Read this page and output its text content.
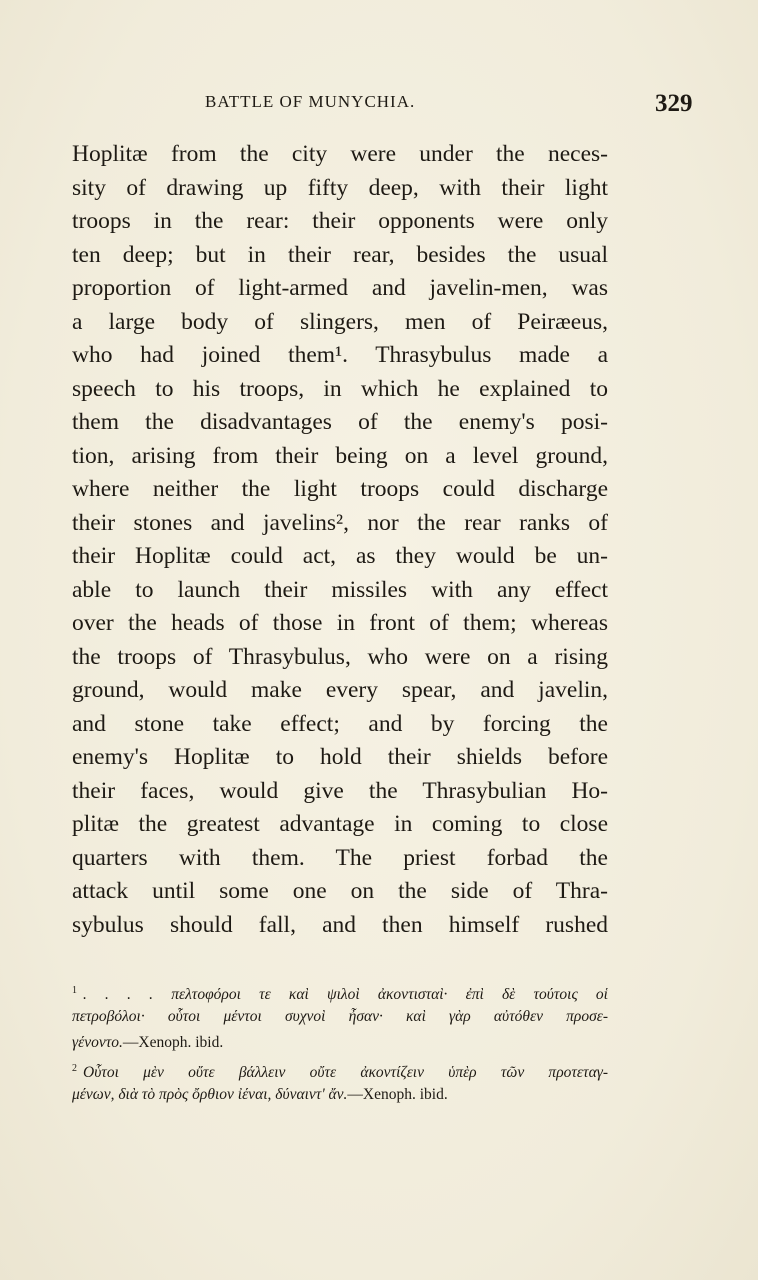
BATTLE OF MUNYCHIA.	329
Hoplitæ from the city were under the neces-
sity of drawing up fifty deep, with their light
troops in the rear: their opponents were only
ten deep; but in their rear, besides the usual
proportion of light-armed and javelin-men, was
a large body of slingers, men of Peiræeus,
who had joined them¹. Thrasybulus made a
speech to his troops, in which he explained to
them the disadvantages of the enemy's posi-
tion, arising from their being on a level ground,
where neither the light troops could discharge
their stones and javelins², nor the rear ranks of
their Hoplitæ could act, as they would be un-
able to launch their missiles with any effect
over the heads of those in front of them; whereas
the troops of Thrasybulus, who were on a rising
ground, would make every spear, and javelin,
and stone take effect; and by forcing the
enemy's Hoplitæ to hold their shields before
their faces, would give the Thrasybulian Ho-
plitæ the greatest advantage in coming to close
quarters with them. The priest forbad the
attack until some one on the side of Thra-
sybulus should fall, and then himself rushed
$^1$ . . . . πελτοφόροι τε καὶ ψιλοὶ ἀκοντισταὶ· ἐπὶ δὲ τούτοις οἱ
πετροβόλοι· οὗτοι μέντοι συχνοὶ ἦσαν· καὶ γὰρ αὐτόθεν προσε-
γένοντο.—Xenoph. ibid.
$^2$ Οὗτοι μὲν οὔτε βάλλειν οὔτε ἀκοντίζειν ὑπὲρ τῶν προτεταγ-
μένων, διὰ τὸ πρὸς ὄρθιον ἰέναι, δύναιντ' ἄν.—Xenoph. ibid.
